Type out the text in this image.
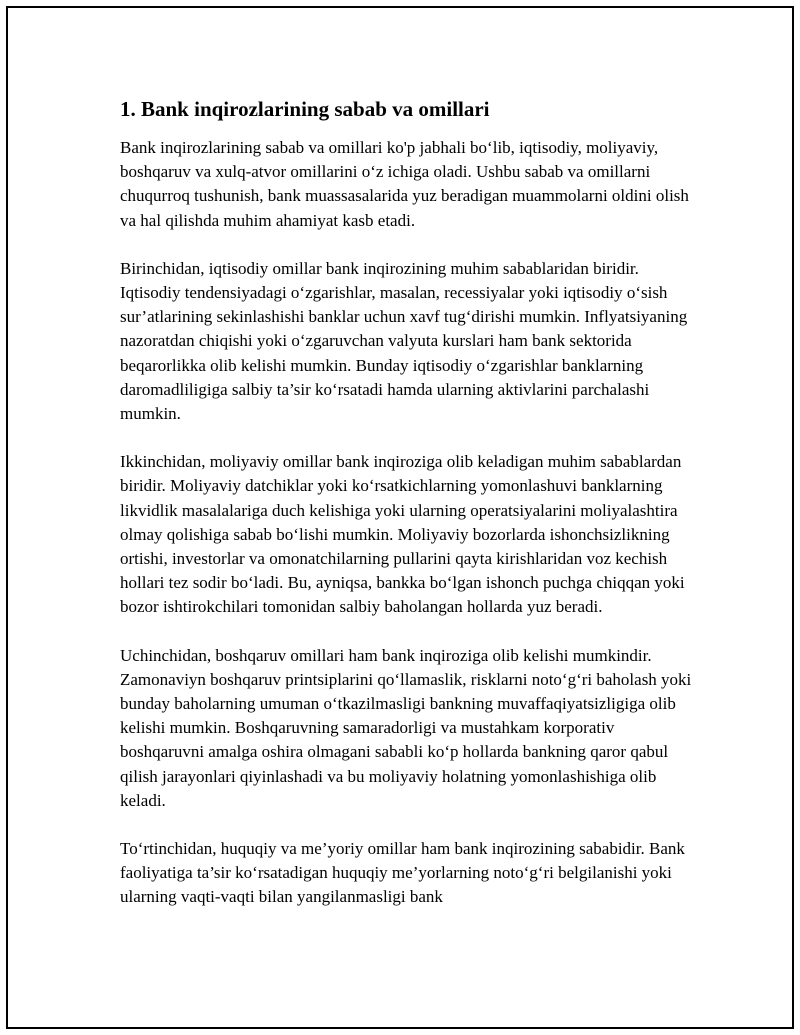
1. Bank inqirozlarining sabab va omillari

Bank inqirozlarining sabab va omillari ko'p jabhali bo‘lib, iqtisodiy, moliyaviy, boshqaruv va xulq-atvor omillarini o‘z ichiga oladi. Ushbu sabab va omillarni chuqurroq tushunish, bank muassasalarida yuz beradigan muammolarni oldini olish va hal qilishda muhim ahamiyat kasb etadi.

Birinchidan, iqtisodiy omillar bank inqirozining muhim sabablaridan biridir. Iqtisodiy tendensiyadagi o‘zgarishlar, masalan, recessiyalar yoki iqtisodiy o‘sish sur’atlarining sekinlashishi banklar uchun xavf tug‘dirishi mumkin. Inflyatsiyaning nazoratdan chiqishi yoki o‘zgaruvchan valyuta kurslari ham bank sektorida beqarorlikka olib kelishi mumkin. Bunday iqtisodiy o‘zgarishlar banklarning daromadliligiga salbiy ta’sir ko‘rsatadi hamda ularning aktivlarini parchalashi mumkin.

Ikkinchidan, moliyaviy omillar bank inqiroziga olib keladigan muhim sabablardan biridir. Moliyaviy datchiklar yoki ko‘rsatkichlarning yomonlashuvi banklarning likvidlik masalalariga duch kelishiga yoki ularning operatsiyalarini moliyalashtira olmay qolishiga sabab bo‘lishi mumkin. Moliyaviy bozorlarda ishonchsizlikning ortishi, investorlar va omonatchilarning pullarini qayta kirishlaridan voz kechish hollari tez sodir bo‘ladi. Bu, ayniqsa, bankka bo‘lgan ishonch puchga chiqqan yoki bozor ishtirokchilari tomonidan salbiy baholangan hollarda yuz beradi.

Uchinchidan, boshqaruv omillari ham bank inqiroziga olib kelishi mumkindir. Zamonaviyn boshqaruv printsiplarini qo‘llamaslik, risklarni noto‘g‘ri baholash yoki bunday baholarning umuman o‘tkazilmasligi bankning muvaffaqiyatsizligiga olib kelishi mumkin. Boshqaruvning samaradorligi va mustahkam korporativ boshqaruvni amalga oshira olmagani sababli ko‘p hollarda bankning qaror qabul qilish jarayonlari qiyinlashadi va bu moliyaviy holatning yomonlashishiga olib keladi.

To‘rtinchidan, huquqiy va me’yoriy omillar ham bank inqirozining sababidir. Bank faoliyatiga ta’sir ko‘rsatadigan huquqiy me’yorlarning noto‘g‘ri belgilanishi yoki ularning vaqti-vaqti bilan yangilanmasligi bank
